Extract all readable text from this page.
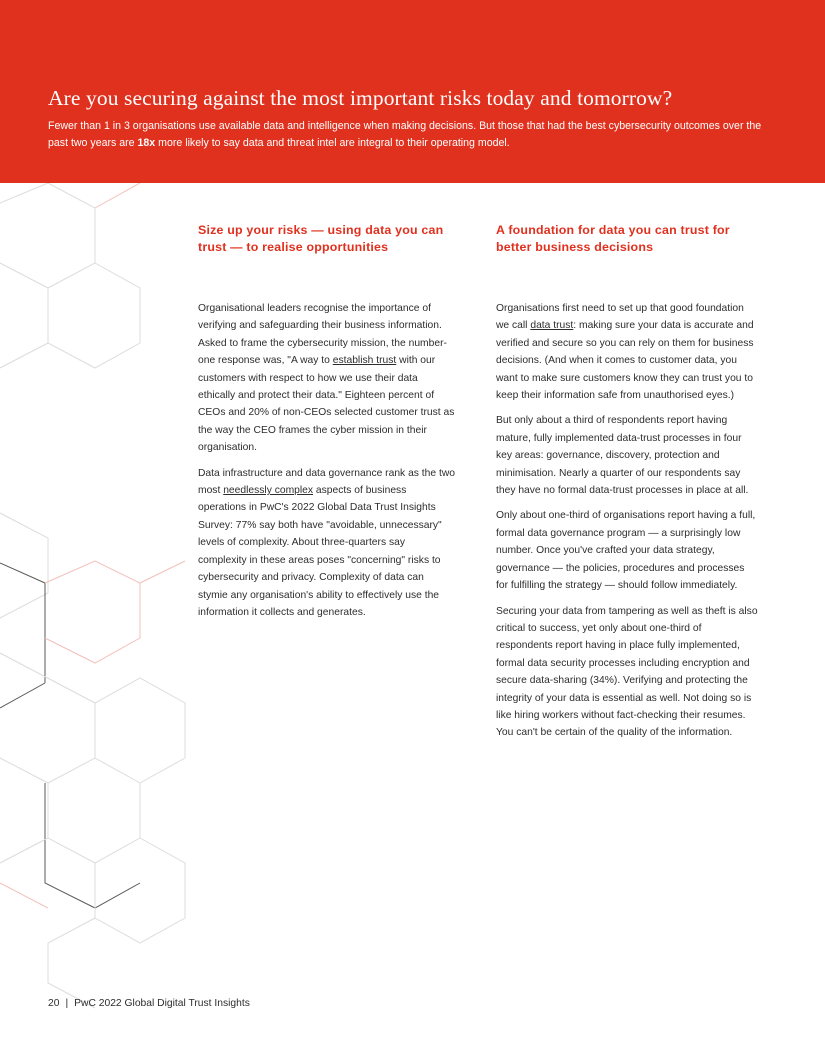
Are you securing against the most important risks today and tomorrow?

Fewer than 1 in 3 organisations use available data and intelligence when making decisions. But those that had the best cybersecurity outcomes over the past two years are 18x more likely to say data and threat intel are integral to their operating model.

Size up your risks — using data you can trust — to realise opportunities

Organisational leaders recognise the importance of verifying and safeguarding their business information. Asked to frame the cybersecurity mission, the number-one response was, "A way to establish trust with our customers with respect to how we use their data ethically and protect their data." Eighteen percent of CEOs and 20% of non-CEOs selected customer trust as the way the CEO frames the cyber mission in their organisation.

Data infrastructure and data governance rank as the two most needlessly complex aspects of business operations in PwC's 2022 Global Data Trust Insights Survey: 77% say both have "avoidable, unnecessary" levels of complexity. About three-quarters say complexity in these areas poses "concerning" risks to cybersecurity and privacy. Complexity of data can stymie any organisation's ability to effectively use the information it collects and generates.

A foundation for data you can trust for better business decisions

Organisations first need to set up that good foundation we call data trust: making sure your data is accurate and verified and secure so you can rely on them for business decisions. (And when it comes to customer data, you want to make sure customers know they can trust you to keep their information safe from unauthorised eyes.)

But only about a third of respondents report having mature, fully implemented data-trust processes in four key areas: governance, discovery, protection and minimisation. Nearly a quarter of our respondents say they have no formal data-trust processes in place at all.

Only about one-third of organisations report having a full, formal data governance program — a surprisingly low number. Once you've crafted your data strategy, governance — the policies, procedures and processes for fulfilling the strategy — should follow immediately.

Securing your data from tampering as well as theft is also critical to success, yet only about one-third of respondents report having in place fully implemented, formal data security processes including encryption and secure data-sharing (34%). Verifying and protecting the integrity of your data is essential as well. Not doing so is like hiring workers without fact-checking their resumes. You can't be certain of the quality of the information.

20 | PwC 2022 Global Digital Trust Insights
